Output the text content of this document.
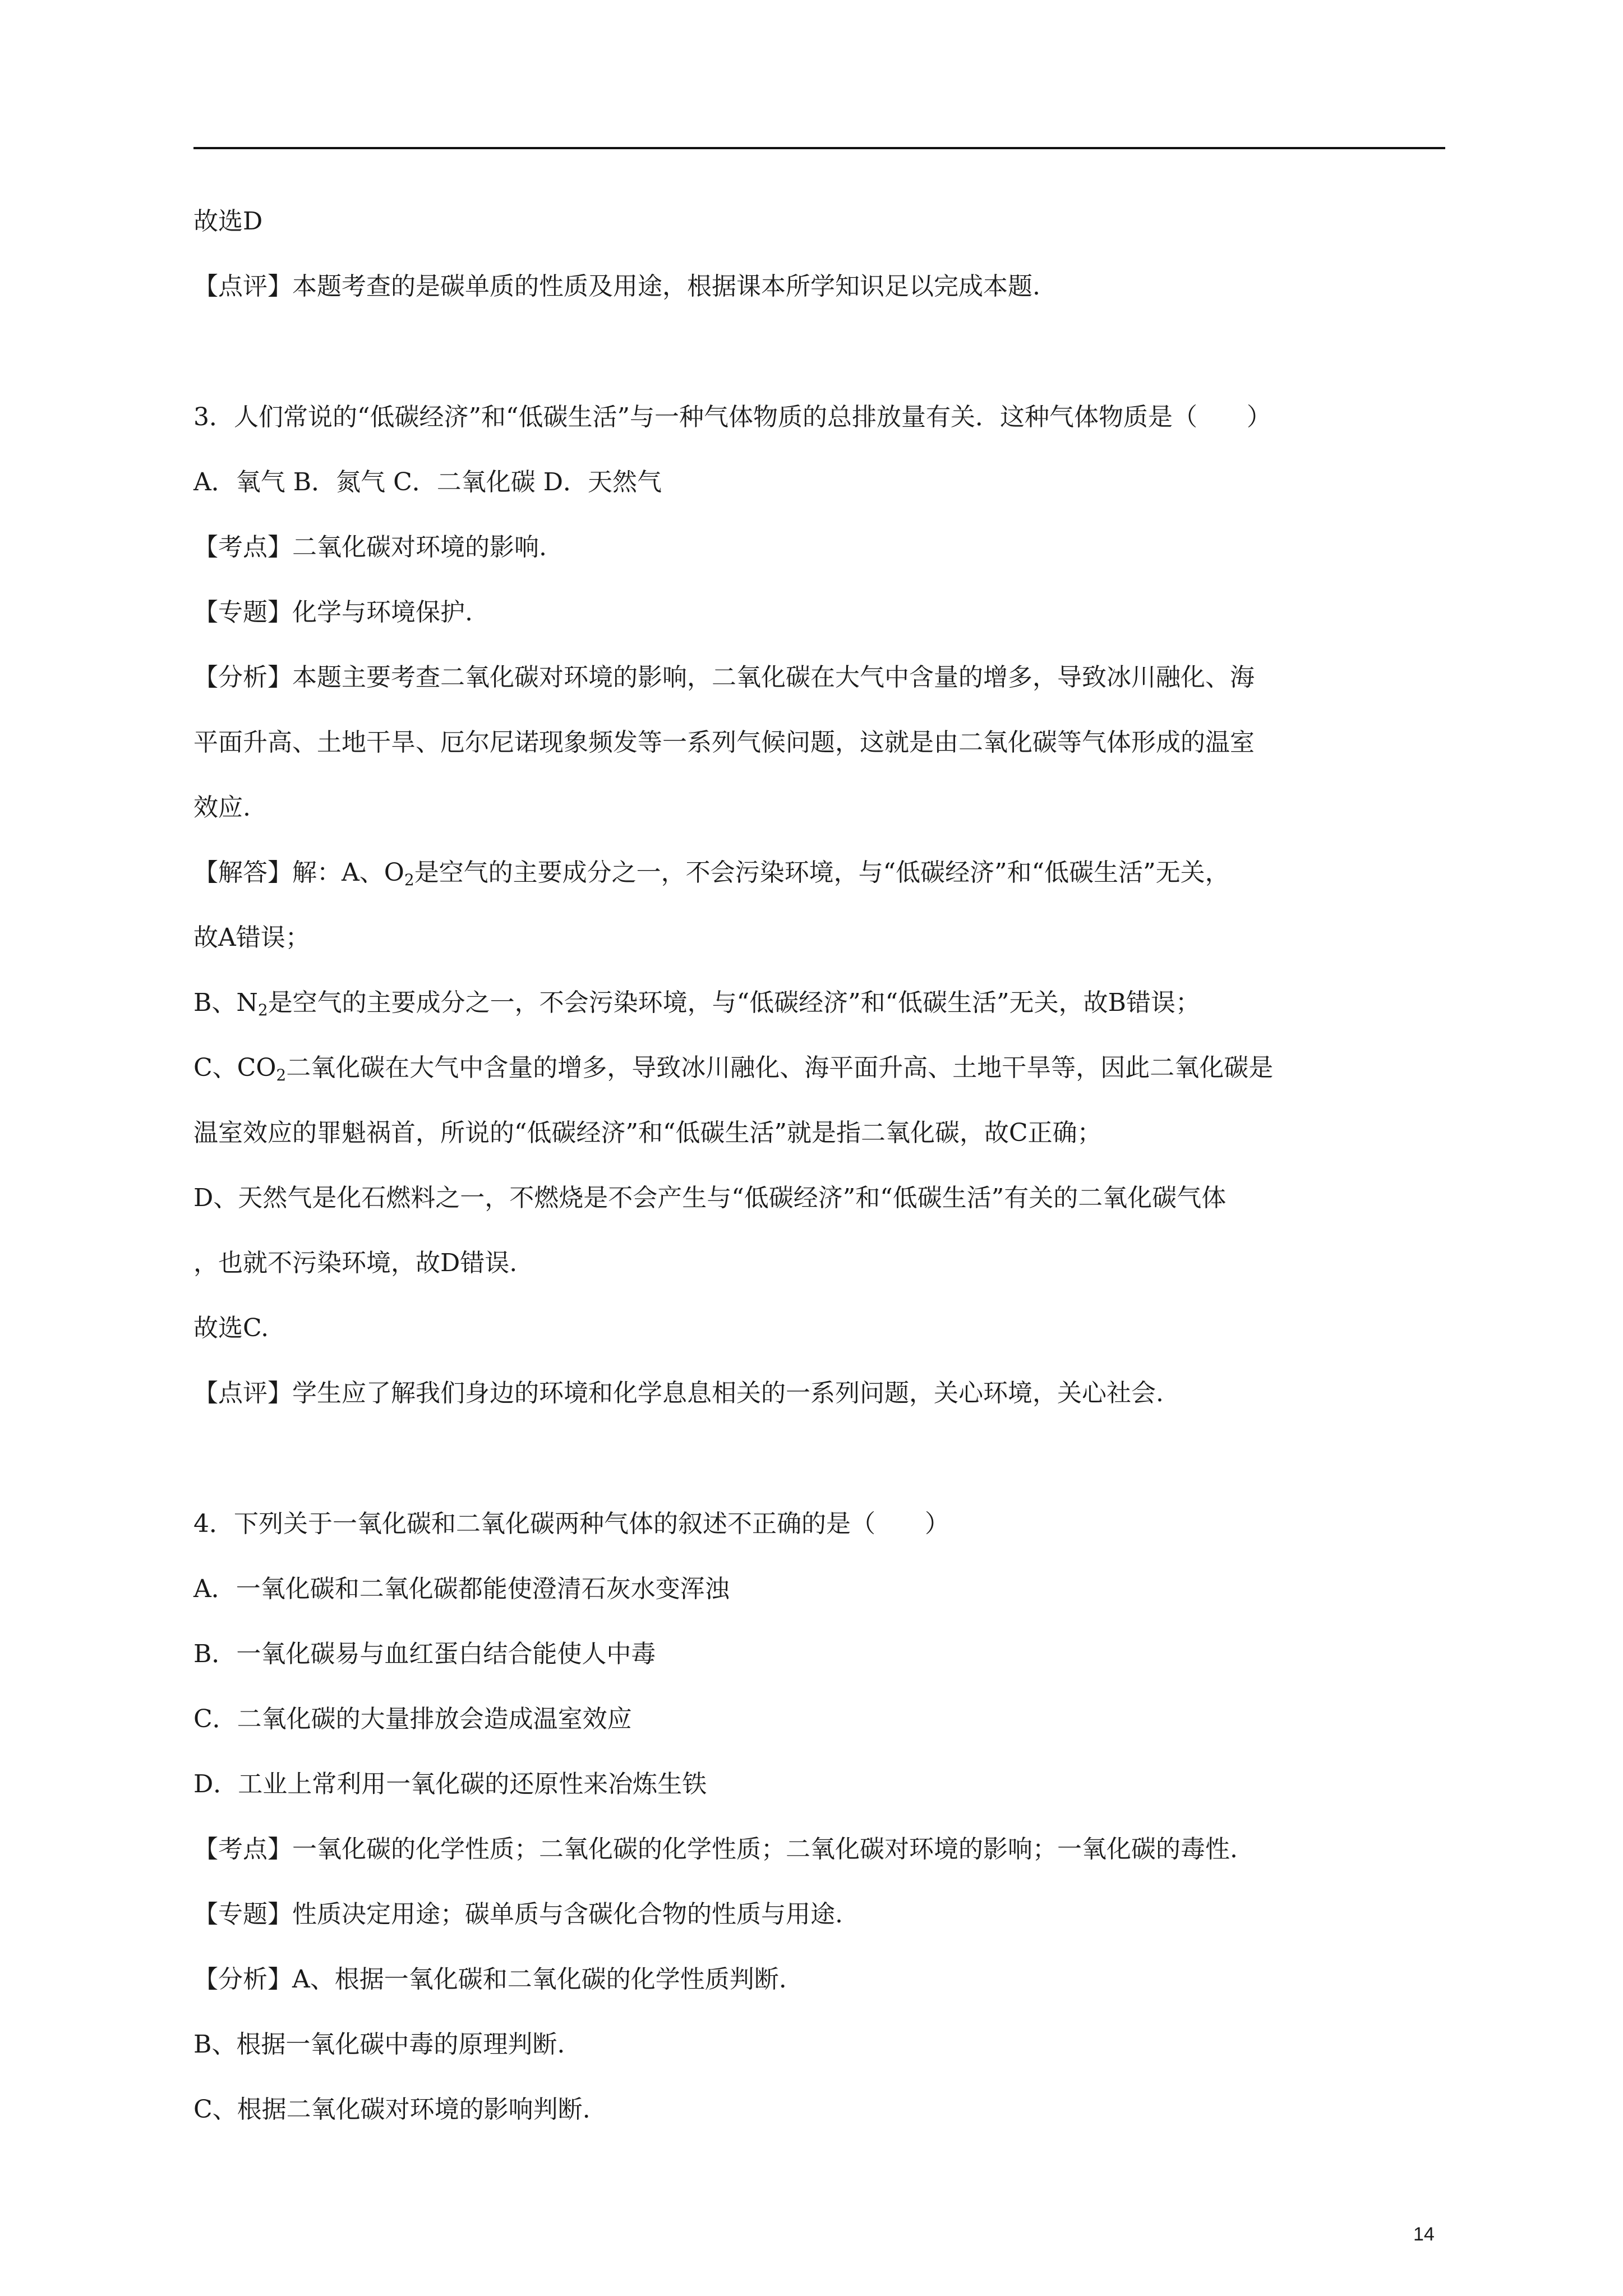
故选D
【点评】本题考查的是碳单质的性质及用途，根据课本所学知识足以完成本题.
3．人们常说的“低碳经济”和“低碳生活”与一种气体物质的总排放量有关．这种气体物质是（　　）
A．氧气 B．氮气 C．二氧化碳 D．天然气
【考点】二氧化碳对环境的影响.
【专题】化学与环境保护.
【分析】本题主要考查二氧化碳对环境的影响，二氧化碳在大气中含量的增多，导致冰川融化、海
平面升高、土地干旱、厄尔尼诺现象频发等一系列气候问题，这就是由二氧化碳等气体形成的温室
效应.
【解答】解：A、$O_2$是空气的主要成分之一，不会污染环境，与“低碳经济”和“低碳生活”无关，
故A错误；
B、$N_2$是空气的主要成分之一，不会污染环境，与“低碳经济”和“低碳生活”无关，故B错误；
C、$CO_2$二氧化碳在大气中含量的增多，导致冰川融化、海平面升高、土地干旱等，因此二氧化碳是
温室效应的罪魁祸首，所说的“低碳经济”和“低碳生活”就是指二氧化碳，故C正确；
D、天然气是化石燃料之一，不燃烧是不会产生与“低碳经济”和“低碳生活”有关的二氧化碳气体
，也就不污染环境，故D错误.
故选C.
【点评】学生应了解我们身边的环境和化学息息相关的一系列问题，关心环境，关心社会.
4．下列关于一氧化碳和二氧化碳两种气体的叙述不正确的是（　　）
A．一氧化碳和二氧化碳都能使澄清石灰水变浑浊
B．一氧化碳易与血红蛋白结合能使人中毒
C．二氧化碳的大量排放会造成温室效应
D．工业上常利用一氧化碳的还原性来冶炼生铁
【考点】一氧化碳的化学性质；二氧化碳的化学性质；二氧化碳对环境的影响；一氧化碳的毒性.
【专题】性质决定用途；碳单质与含碳化合物的性质与用途.
【分析】A、根据一氧化碳和二氧化碳的化学性质判断.
B、根据一氧化碳中毒的原理判断.
C、根据二氧化碳对环境的影响判断.
14
